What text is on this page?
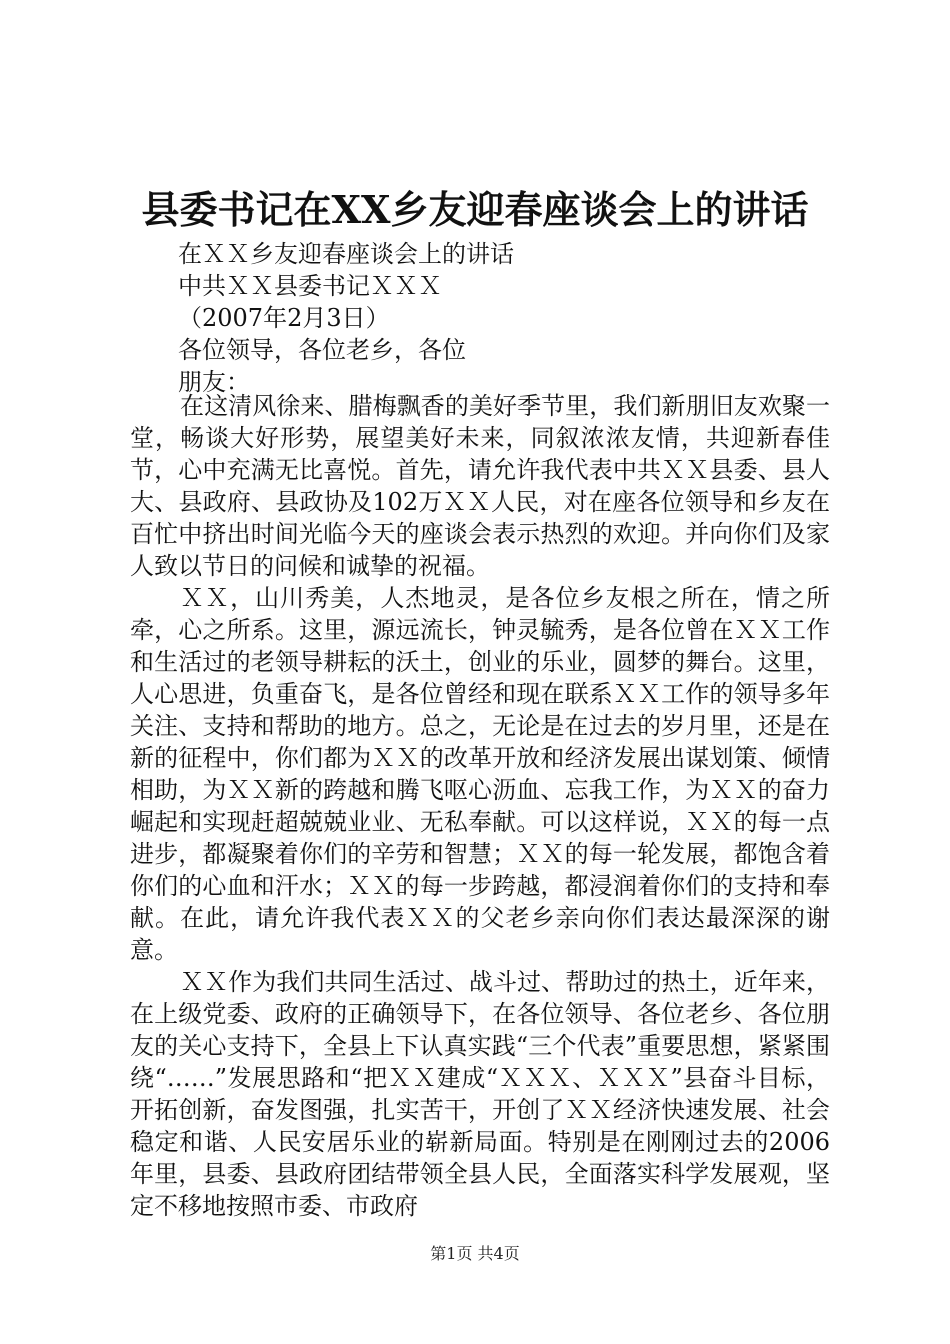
县委书记在XX乡友迎春座谈会上的讲话
在ＸＸ乡友迎春座谈会上的讲话
中共ＸＸ县委书记ＸＸＸ
（2007年2月3日）
各位领导，各位老乡，各位
朋友：

在这清风徐来、腊梅飘香的美好季节里，我们新朋旧友欢聚一堂，畅谈大好形势，展望美好未来，同叙浓浓友情，共迎新春佳节，心中充满无比喜悦。首先，请允许我代表中共ＸＸ县委、县人大、县政府、县政协及102万ＸＸ人民，对在座各位领导和乡友在百忙中挤出时间光临今天的座谈会表示热烈的欢迎。并向你们及家人致以节日的问候和诚挚的祝福。

ＸＸ，山川秀美，人杰地灵，是各位乡友根之所在，情之所牵，心之所系。这里，源远流长，钟灵毓秀，是各位曾在ＸＸ工作和生活过的老领导耕耘的沃土，创业的乐业，圆梦的舞台。这里，人心思进，负重奋飞，是各位曾经和现在联系ＸＸ工作的领导多年关注、支持和帮助的地方。总之，无论是在过去的岁月里，还是在新的征程中，你们都为ＸＸ的改革开放和经济发展出谋划策、倾情相助，为ＸＸ新的跨越和腾飞呕心沥血、忘我工作，为ＸＸ的奋力崛起和实现赶超兢兢业业、无私奉献。可以这样说，ＸＸ的每一点进步，都凝聚着你们的辛劳和智慧；ＸＸ的每一轮发展，都饱含着你们的心血和汗水；ＸＸ的每一步跨越，都浸润着你们的支持和奉献。在此，请允许我代表ＸＸ的父老乡亲向你们表达最深深的谢意。

ＸＸ作为我们共同生活过、战斗过、帮助过的热土，近年来，在上级党委、政府的正确领导下，在各位领导、各位老乡、各位朋友的关心支持下，全县上下认真实践“三个代表”重要思想，紧紧围绕“……”发展思路和“把ＸＸ建成“ＸＸＸ、ＸＸＸ”县奋斗目标，开拓创新，奋发图强，扎实苦干，开创了ＸＸ经济快速发展、社会稳定和谐、人民安居乐业的崭新局面。特别是在刚刚过去的2006年里，县委、县政府团结带领全县人民，全面落实科学发展观，坚定不移地按照市委、市政府

第1页 共4页
